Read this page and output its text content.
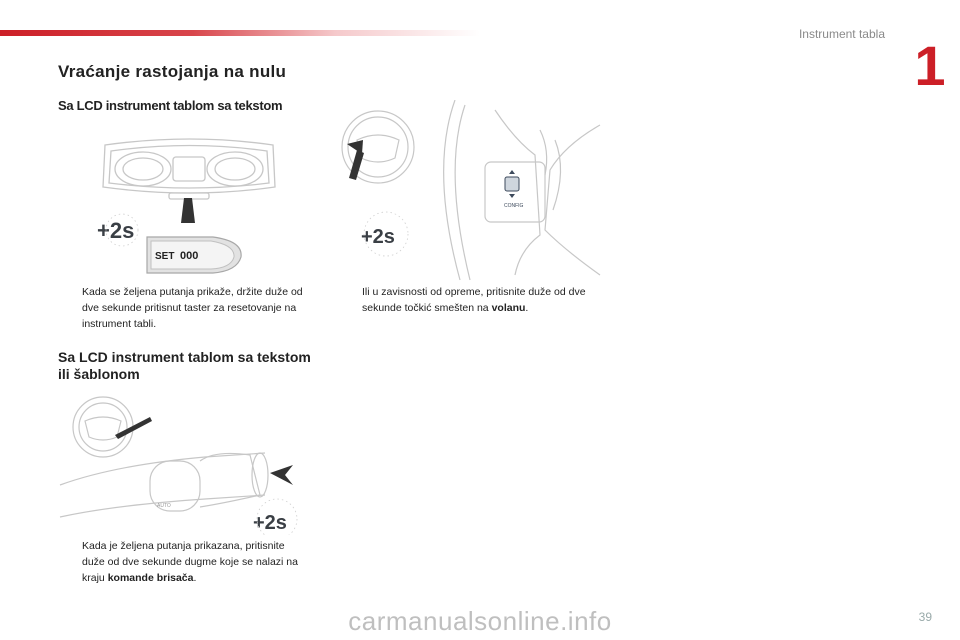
Instrument tabla 1
Vraćanje rastojanja na nulu
Sa LCD instrument tablom sa tekstom
+2s
SET 000
CONFIG
+2s
Kada se željena putanja prikaže, držite duže od dve sekunde pritisnut taster za resetovanje na instrument tabli.
Ili u zavisnosti od opreme, pritisnite duže od dve sekunde točkić smešten na volanu.
Sa LCD instrument tablom sa tekstom ili šablonom
AUTO
+2s
Kada je željena putanja prikazana, pritisnite duže od dve sekunde dugme koje se nalazi na kraju komande brisača.
39
carmanualsonline.info
